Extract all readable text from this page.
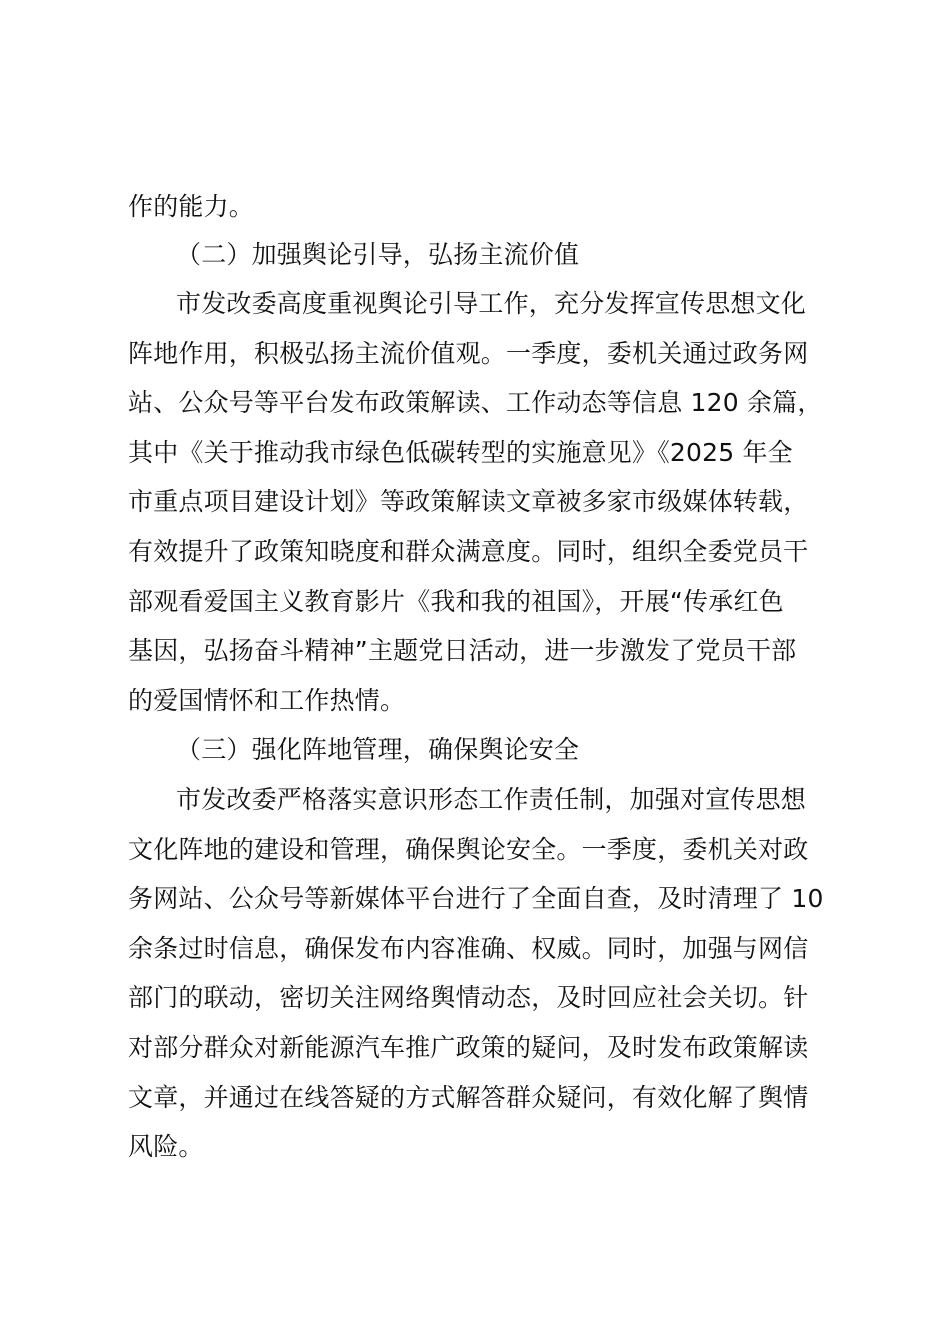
作的能力。
（二）加强舆论引导，弘扬主流价值
市发改委高度重视舆论引导工作，充分发挥宣传思想文化
阵地作用，积极弘扬主流价值观。一季度，委机关通过政务网
站、公众号等平台发布政策解读、工作动态等信息 120 余篇，
其中《关于推动我市绿色低碳转型的实施意见》《2025 年全
市重点项目建设计划》等政策解读文章被多家市级媒体转载，
有效提升了政策知晓度和群众满意度。同时，组织全委党员干
部观看爱国主义教育影片《我和我的祖国》，开展“传承红色
基因，弘扬奋斗精神”主题党日活动，进一步激发了党员干部
的爱国情怀和工作热情。
（三）强化阵地管理，确保舆论安全
市发改委严格落实意识形态工作责任制，加强对宣传思想
文化阵地的建设和管理，确保舆论安全。一季度，委机关对政
务网站、公众号等新媒体平台进行了全面自查，及时清理了 10
余条过时信息，确保发布内容准确、权威。同时，加强与网信
部门的联动，密切关注网络舆情动态，及时回应社会关切。针
对部分群众对新能源汽车推广政策的疑问，及时发布政策解读
文章，并通过在线答疑的方式解答群众疑问，有效化解了舆情
风险。
